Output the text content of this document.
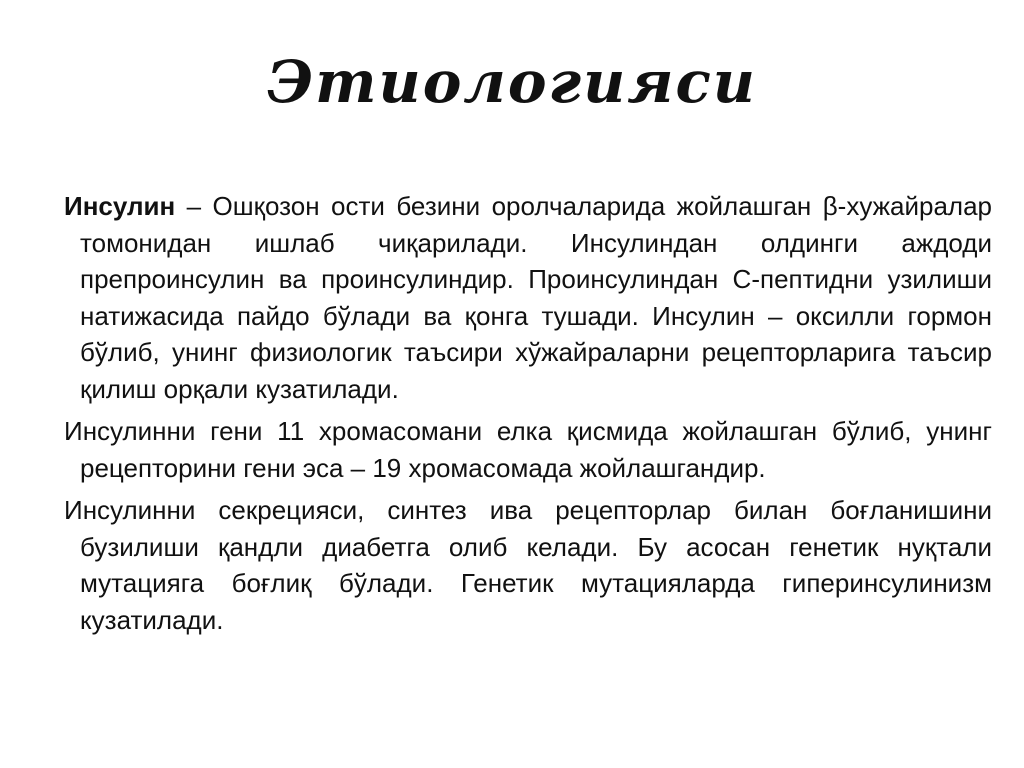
Этиологияси

Инсулин – Ошқозон ости безини оролчаларида жойлашган β-хужайралар томонидан ишлаб чиқарилади. Инсулиндан олдинги аждоди препроинсулин ва проинсулиндир. Проинсулиндан С-пептидни узилиши натижасида пайдо бўлади ва қонга тушади. Инсулин – оксилли гормон бўлиб, унинг физиологик таъсири хўжайраларни рецепторларига таъсир қилиш орқали кузатилади.

Инсулинни гени 11 хромасомани елка қисмида жойлашган бўлиб, унинг рецепторини гени эса – 19 хромасомада жойлашгандир.

Инсулинни секрецияси, синтез ива рецепторлар билан боғланишини бузилиши қандли диабетга олиб келади. Бу асосан генетик нуқтали мутацияга боғлиқ бўлади. Генетик мутацияларда гиперинсулинизм кузатилади.
